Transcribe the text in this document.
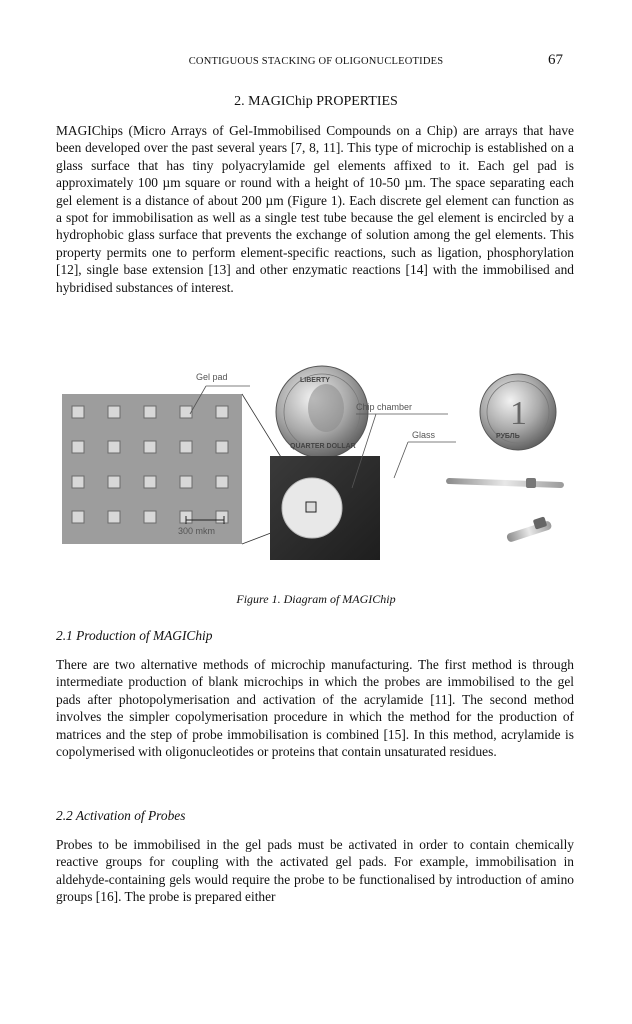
CONTIGUOUS STACKING OF OLIGONUCLEOTIDES	67
2. MAGIChip PROPERTIES

MAGIChips (Micro Arrays of Gel-Immobilised Compounds on a Chip) are arrays that have been developed over the past several years [7, 8, 11]. This type of microchip is established on a glass surface that has tiny polyacrylamide gel elements affixed to it. Each gel pad is approximately 100 µm square or round with a height of 10-50 µm. The space separating each gel element is a distance of about 200 µm (Figure 1). Each discrete gel element can function as a spot for immobilisation as well as a single test tube because the gel element is encircled by a hydrophobic glass surface that prevents the exchange of solution among the gel elements. This property permits one to perform element-specific reactions, such as ligation, phosphorylation [12], single base extension [13] and other enzymatic reactions [14] with the immobilised and hybridised substances of interest.

Gel pad
300 mkm
LIBERTY
QUARTER DOLLAR
Chip chamber
Glass
1
РУБЛЬ
Figure 1. Diagram of MAGIChip
2.1 Production of MAGIChip

There are two alternative methods of microchip manufacturing. The first method is through intermediate production of blank microchips in which the probes are immobilised to the gel pads after photopolymerisation and activation of the acrylamide [11]. The second method involves the simpler copolymerisation procedure in which the method for the production of matrices and the step of probe immobilisation is combined [15]. In this method, acrylamide is copolymerised with oligonucleotides or proteins that contain unsaturated residues.

2.2 Activation of Probes

Probes to be immobilised in the gel pads must be activated in order to contain chemically reactive groups for coupling with the activated gel pads. For example, immobilisation in aldehyde-containing gels would require the probe to be functionalised by introduction of amino groups [16]. The probe is prepared either
